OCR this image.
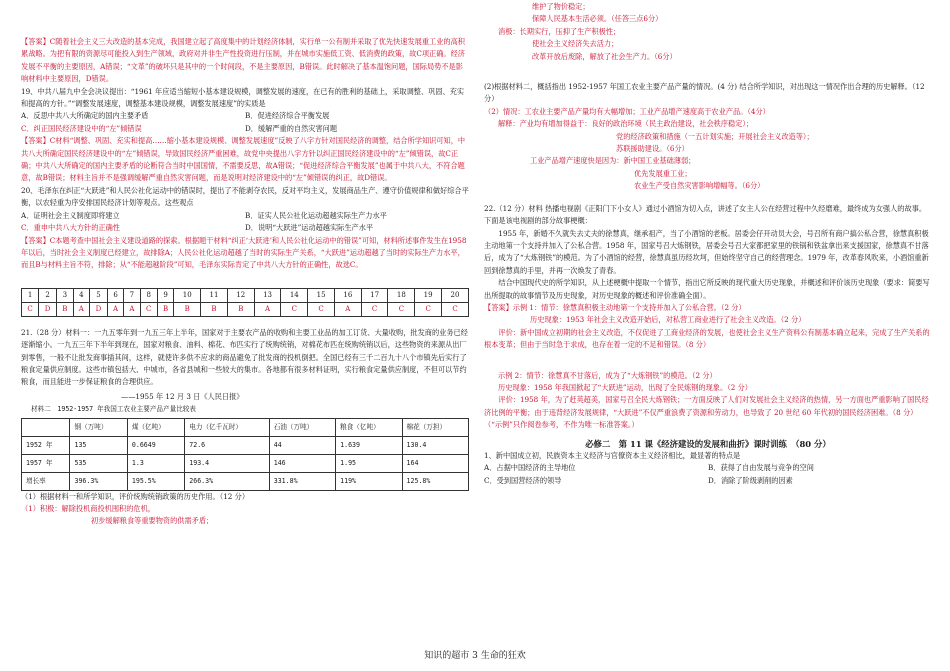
【答案】C随着社会主义三大改造的基本完成，我国建立起了高度集中的计划经济体制，实行单一公有制并采取了优先快速发展重工业的高积累战略。为把有限的资源尽可能投入到生产领域，政府对并非生产性投资进行压制，并在城市实施低工资、低消费的政策，故C项正确。经济发展不平衡的主要原因，A错误；“文革”的破坏只是其中的一个时间段，不是主要原因，B错误。此时解决了基本温饱问题，国际局势不是影响材料中主要原因，D错误。

19、中共八届九中全会决议提出：“1961 年应适当缩短小基本建设规模，调整发展的速度，在已有的胜利的基础上，采取调整、巩固、充实和提高的方针。”“调整发展速度，调整基本建设规模，调整发展速度”的实质是

A．反思中共八大所确定的国内主要矛盾	B．促进经济综合平衡发展
C．纠正国民经济建设中的“左”倾错误	D．缓解严重的自然灾害问题

【答案】C材料“调整、巩固、充实和提高……缩小基本建设规模、调整发展速度”反映了八字方针对国民经济的调整，结合所学知识可知，中共八大所确定国民经济建设中的“左”倾错误，导致国民经济严重困难，故党中央提出八字方针以纠正国民经济建设中的“左”倾错误，故C正确；中共八大所确定的国内主要矛盾的论断符合当时中国国情，不需要反思，故A错误；“促进经济综合平衡发展”也属于中共八大，不符合题意，故B错误；材料主旨并不是强调缓解严重自然灾害问题，而是说明对经济建设中的“左”倾错误的纠正，故D错误。

20、毛泽东在纠正“大跃进”和人民公社化运动中的错误时，提出了不能剥夺农民，反对平均主义，发展商品生产、遵守价值规律和做好综合平衡，以农轻重为序安排国民经济计划等观点。这些观点

A．证明社会主义制度即将建立	B．证实人民公社化运动超越实际生产力水平
C．重申中共八大方针的正确性	D．说明“大跃进”运动超越实际生产水平

【答案】C本题考查中国社会主义建设道路的探索。根据题干材料“纠正‘大跃进’和人民公社化运动中的错误”可知，材料所述事件发生在1958年以后，当时社会主义制度已经建立，故排除A；人民公社化运动超越了当时的实际生产关系，“大跃进”运动超越了当时的实际生产力水平，而且B与材料主旨不符，排除；从“不能超越阶段”可知，毛泽东实际肯定了中共八大方针的正确性，故选C。

1	2	3	4	5	6	7	8	9	10	11	12	13	14	15	16	17	18	19	20
C	D	B	A	D	A	A	C	B	B	B	B	A	C	C	A	C	C	C	C

21.（28 分）材料一：一九五零年到一九五三年上半年，国家对于主要农产品的收购和主要工业品的加工订货、大量收购，批发商的业务已经逐渐缩小。一九五三年下半年到现在，国家对粮食、油料、棉花、布匹实行了统购统销，对棉花布匹在统购统销以后，这些物资的来源从出厂到零售，一般不让批发商事插其间，这样，就使许多供不应求的商品避免了批发商的投机倒把。全国已经有三千二百九十八个市镇先后实行了粮食定量供应制度。这些市镇包括大、中城市，各省县城和一些较大的集市。各地都有很多材料证明，实行粮食定量供应制度，不但可以节约粮食，而且能进一步保证粮食的合理供应。

——1955 年 12 月 3 日《人民日报》

材料二　1952-1957 年我国工农业主要产品产量比较表

	钢（万吨）	煤（亿吨）	电力（亿千瓦时）	石油（万吨）	粮食（亿吨）	棉花（万担）
1952 年	135	0.6649	72.6	44	1.639	130.4
1957 年	535	1.3	193.4	146	1.95	164
增长率	396.3%	195.5%	266.3%	331.8%	119%	125.8%

（1）根据材料一和所学知识，评价统购统销政策的历史作用。（12 分）

（1）积极：解除投机商投机囤积的危机，

初步缓解粮食等重要物资的供需矛盾；

维护了物价稳定；

保障人民基本生活必须。（任答三点6分）

消极：长期实行，压抑了生产积极性；

使社会主义经济失去活力；

改革开放后废除，解放了社会生产力。（6分）

(2)根据材料二，概括指出 1952-1957 年国工农业主要产品产量的情况。(4 分) 结合所学知识，对出现这一情况作出合理的历史解释。（12 分）

（2）情况：工农业主要产品产量均有大幅增加；工业产品增产速度高于农业产品。（4分）

解释：产业均有增加得益于：良好的政治环境（民主政治建设，社会秩序稳定）；

党的经济政策和措施（一五计划实施；开展社会主义改造等）；

苏联援助建设。（6分）

工业产品增产速度快是因为：新中国工业基础薄弱；

优先发展重工业；

农业生产受自然灾害影响增幅等。（6分）

22.（12 分）材料 热播电视剧《正阳门下小女人》通过小酒馆为切入点，讲述了女主人公在经营过程中久经磨难，最终成为女强人的故事。下面是该电视剧的部分故事梗概：

1955 年，新婚不久就失去丈夫的徐慧真，继承祖产，当了小酒馆的老板。居委会仔开动员大会，号召所有商户搞公私合营，徐慧真积极主动地第一个支持并加入了公私合营。1958 年，国家号召大炼钢铁，居委会号召大家都把家里的铁锅和铁盆拿出来支援国家，徐慧真不甘落后，成为了“大炼钢铁”的模范。为了小酒馆的经营，徐慧真虽历经坎坷，但始终坚守自己的经营理念。1979 年，改革春风吹来，小酒馆重新回到徐慧真的手里，并再一次焕发了青春。

结合中国现代史的所学知识，从上述梗概中提取一个情节，指出它所反映的现代重大历史现象，并概述和评价该历史现象（要求：简要写出所提取的故事情节及历史现象，对历史现象的概述和评价准确全面）。

【答案】示例 1：情节：徐慧真积极主动地第一个支持并加入了公私合营。（2 分）

历史现象：1953 年社会主义改造开始后，对私营工商业进行了社会主义改造。（2 分）

评价：新中国成立初期的社会主义改造，不仅促进了工商业经济的发展，也使社会主义生产资料公有制基本确立起来，完成了生产关系的根本变革；但由于当时急于求成，也存在着一定的不足和错误。（8 分）

示例 2：情节：徐慧真不甘落后，成为了“大炼钢铁”的模范。（2 分）

历史现象：1958 年我国掀起了“大跃进”运动，出现了全民炼钢的现象。（2 分）

评价：1958 年，为了赶英超美，国家号召全民大炼钢铁；一方面反映了人们对发展社会主义经济的热情，另一方面也严重影响了国民经济比例的平衡；由于违背经济发展规律，“大跃进”不仅严重浪费了资源和劳动力，也导致了 20 世纪 60 年代初的国民经济困难。（8 分）

（“示例”只作阅卷参考，不作为唯一标准答案。）

必修二　第 11 课《经济建设的发展和曲折》课时训练　（80 分）

1、新中国成立初，民族资本主义经济与官僚资本主义经济相比，最显著的特点是

A．占据中国经济的主导地位	B．获得了自由发展与竞争的空间
C．受到国营经济的领导	D．消除了阶级剥削的因素
知识的超市 3 生命的狂欢
